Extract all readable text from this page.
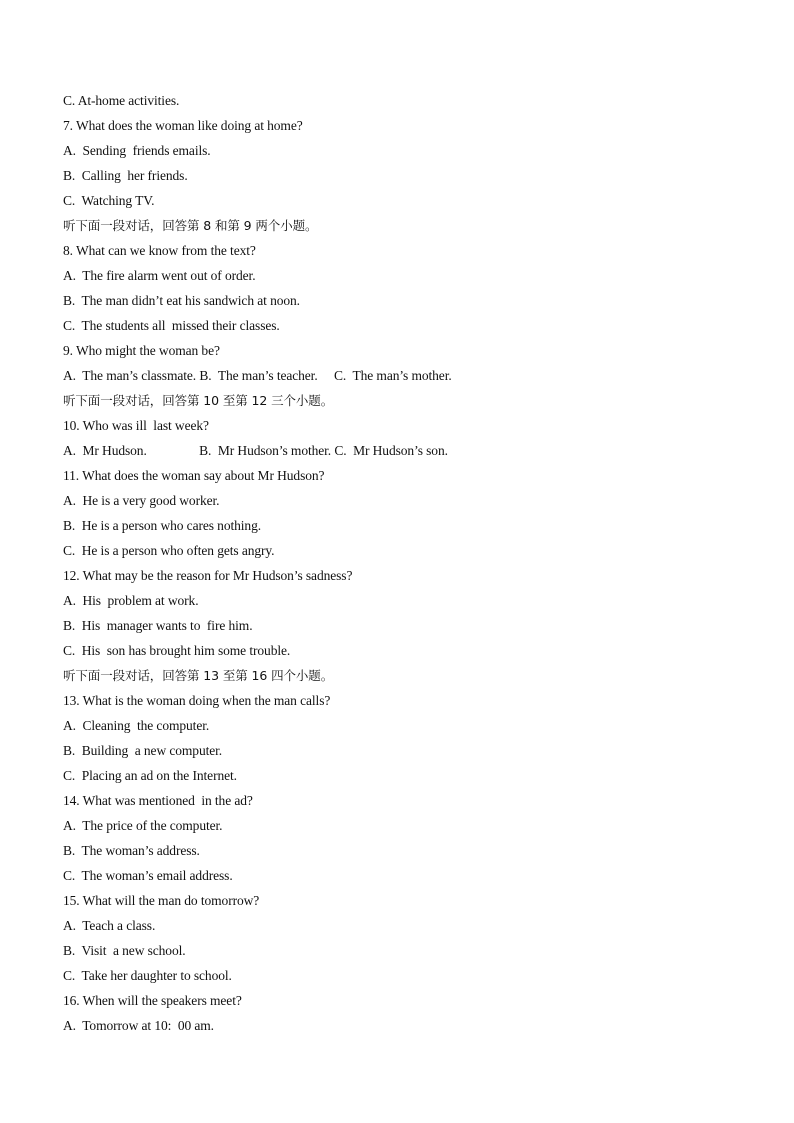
C. At-home activities.
7. What does the woman like doing at home?
A.  Sending  friends emails.
B.  Calling  her friends.
C.  Watching TV.
听下面一段对话，回答第 8 和第 9 两个小题。
8. What can we know from the text?
A.  The fire alarm went out of order.
B.  The man didn’t eat his sandwich at noon.
C.  The students all  missed their classes.
9. Who might the woman be?
A.  The man’s classmate. B.  The man’s teacher.     C.  The man’s mother.
听下面一段对话，回答第 10 至第 12 三个小题。
10. Who was ill  last week?
A.  Mr Hudson.                B.  Mr Hudson’s mother. C.  Mr Hudson’s son.
11. What does the woman say about Mr Hudson?
A.  He is a very good worker.
B.  He is a person who cares nothing.
C.  He is a person who often gets angry.
12. What may be the reason for Mr Hudson’s sadness?
A.  His  problem at work.
B.  His  manager wants to  fire him.
C.  His  son has brought him some trouble.
听下面一段对话，回答第 13 至第 16 四个小题。
13. What is the woman doing when the man calls?
A.  Cleaning  the computer.
B.  Building  a new computer.
C.  Placing an ad on the Internet.
14. What was mentioned  in the ad?
A.  The price of the computer.
B.  The woman’s address.
C.  The woman’s email address.
15. What will the man do tomorrow?
A.  Teach a class.
B.  Visit  a new school.
C.  Take her daughter to school.
16. When will the speakers meet?
A.  Tomorrow at 10:  00 am.
